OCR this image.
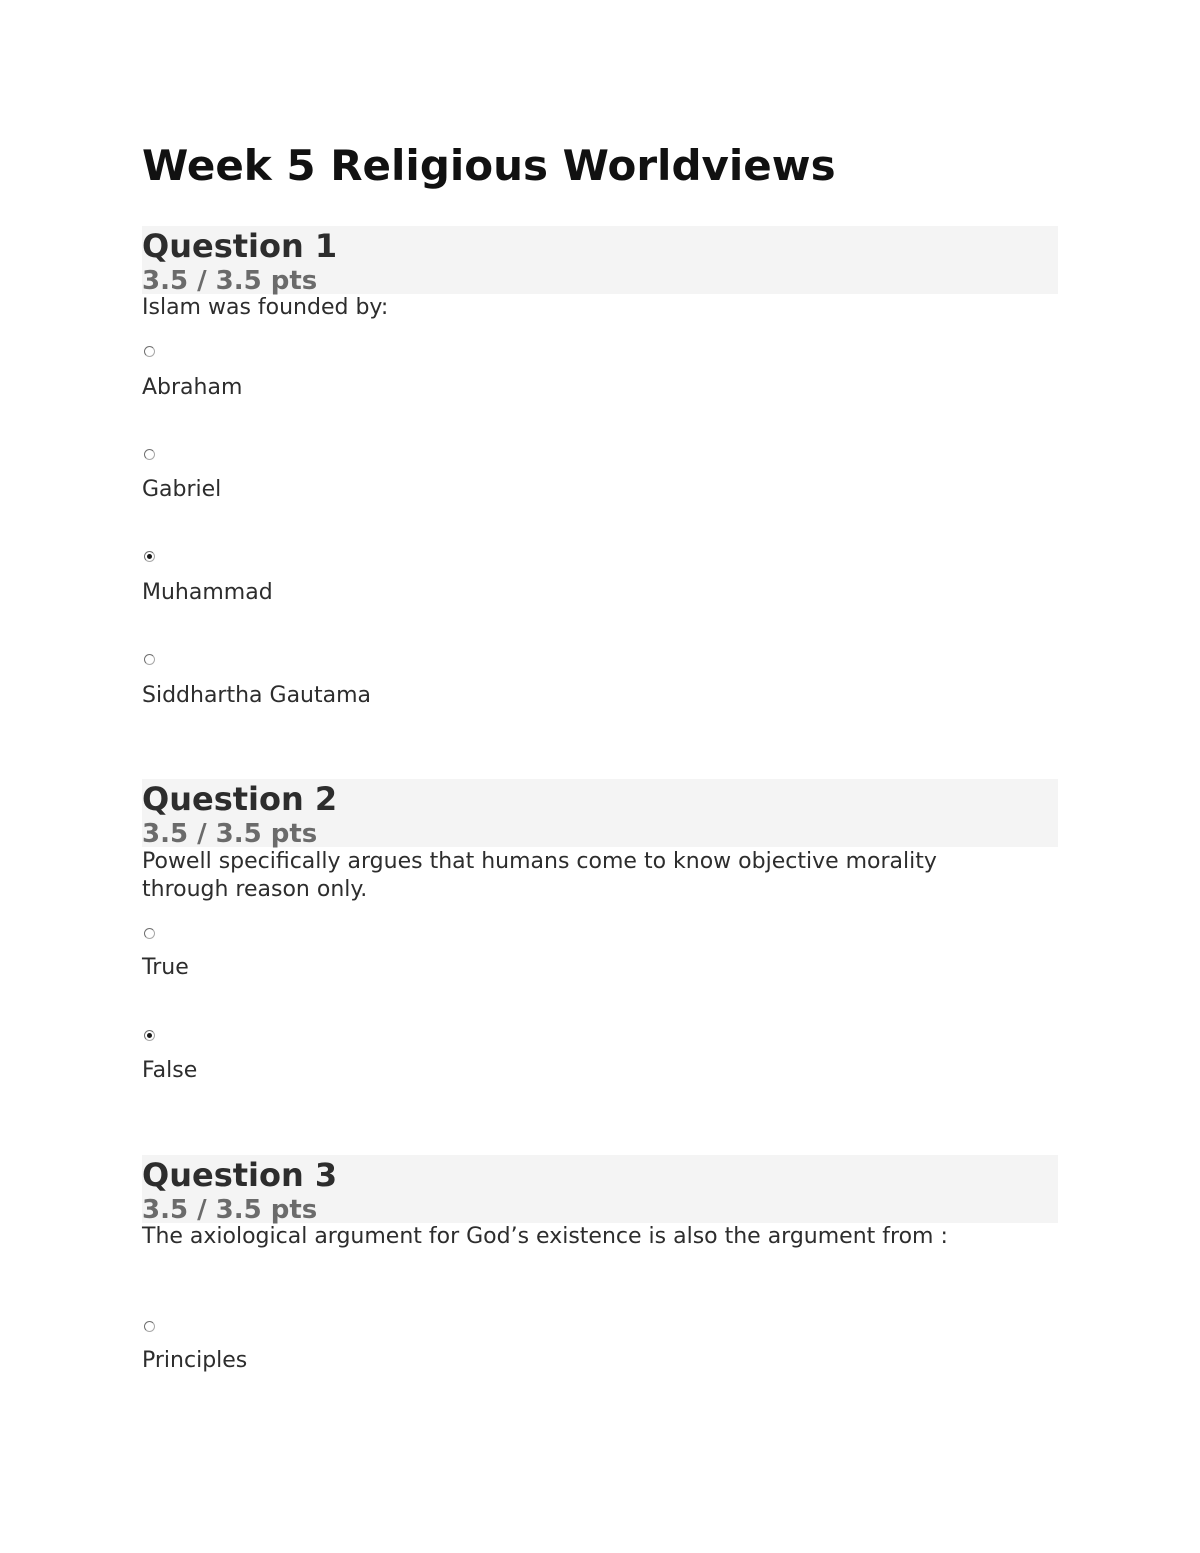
Week 5 Religious Worldviews
Question 1
3.5 / 3.5 pts
Islam was founded by:
Abraham
Gabriel
Muhammad
Siddhartha Gautama
Question 2
3.5 / 3.5 pts
Powell specifically argues that humans come to know objective morality through reason only.
True
False
Question 3
3.5 / 3.5 pts
The axiological argument for God’s existence is also the argument from :
Principles
